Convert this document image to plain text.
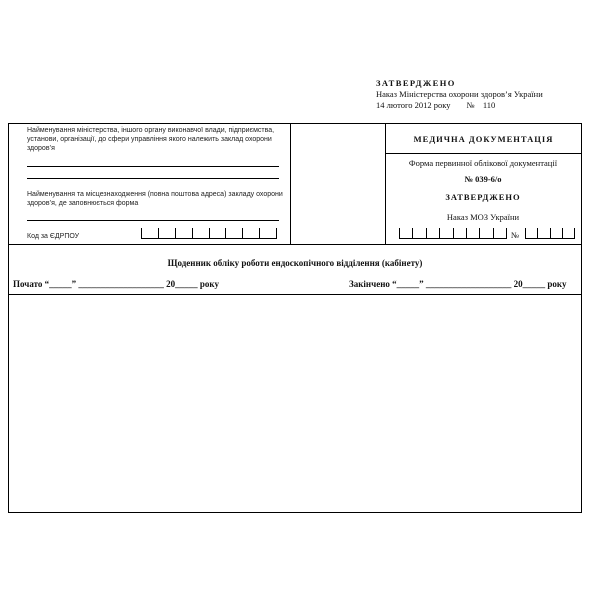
ЗАТВЕРДЖЕНО
Наказ Міністерства охорони здоров’я України
14 лютого 2012 року № 110
МЕДИЧНА ДОКУМЕНТАЦІЯ
Форма первинної облікової документації
№ 039-6/о
ЗАТВЕРДЖЕНО
Наказ МОЗ України
№
Найменування міністерства, іншого органу виконавчої влади, підприємства, установи, організації, до сфери управління якого належить заклад охорони здоров’я
Найменування та місцезнаходження (повна поштова адреса) закладу охорони здоров’я, де заповнюється форма
Код за ЄДРПОУ
Щоденник обліку роботи ендоскопічного відділення (кабінету)
Почато “_____” ___________________ 20_____ року	Закінчено “_____” ___________________ 20_____ року
